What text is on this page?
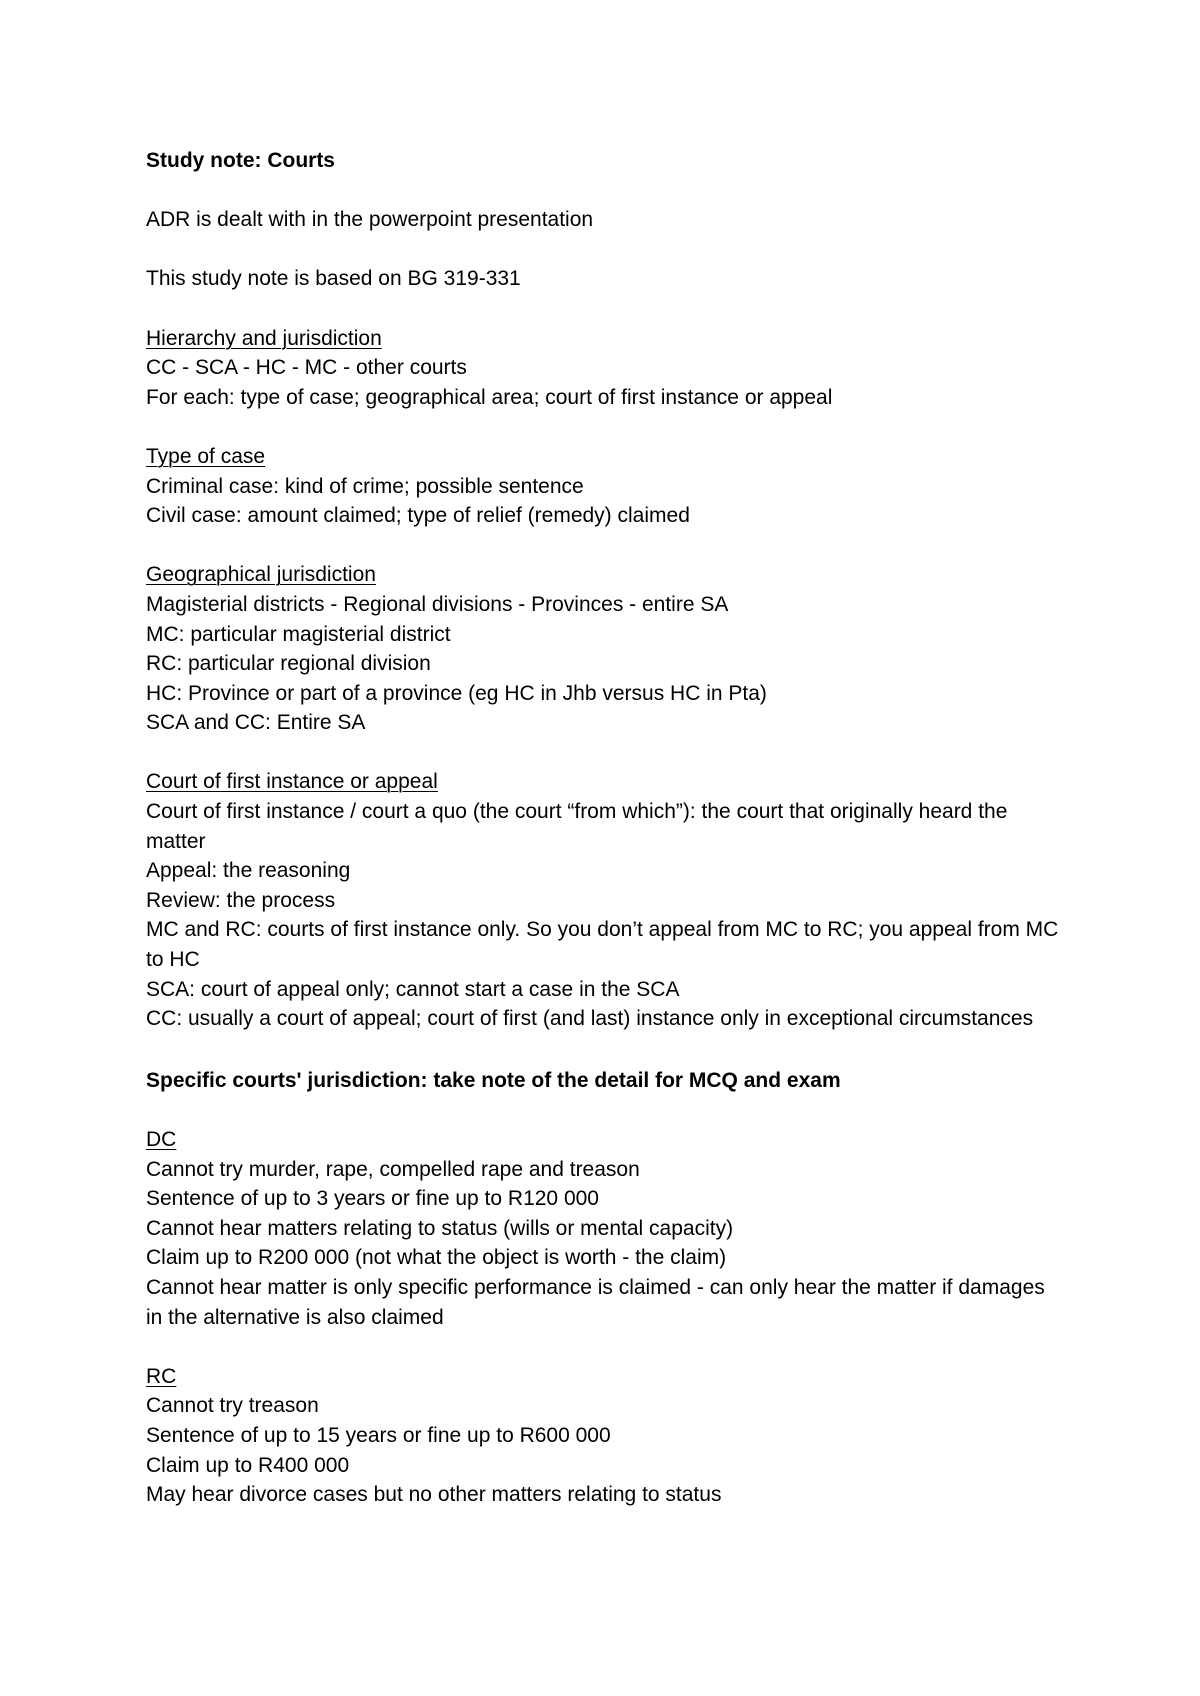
Study note: Courts

ADR is dealt with in the powerpoint presentation

This study note is based on BG 319-331

Hierarchy and jurisdiction

CC - SCA - HC - MC - other courts

For each: type of case; geographical area; court of first instance or appeal

Type of case

Criminal case: kind of crime; possible sentence

Civil case: amount claimed; type of relief (remedy) claimed

Geographical jurisdiction

Magisterial districts - Regional divisions - Provinces - entire SA

MC: particular magisterial district

RC: particular regional division

HC: Province or part of a province (eg HC in Jhb versus HC in Pta)

SCA and CC: Entire SA

Court of first instance or appeal

Court of first instance / court a quo (the court “from which”): the court that originally heard the matter

Appeal: the reasoning

Review: the process

MC and RC: courts of first instance only. So you don’t appeal from MC to RC; you appeal from MC to HC

SCA: court of appeal only; cannot start a case in the SCA

CC: usually a court of appeal; court of first (and last) instance only in exceptional circumstances

Specific courts' jurisdiction: take note of the detail for MCQ and exam

DC

Cannot try murder, rape, compelled rape and treason

Sentence of up to 3 years or fine up to R120 000

Cannot hear matters relating to status (wills or mental capacity)

Claim up to R200 000 (not what the object is worth - the claim)

Cannot hear matter is only specific performance is claimed - can only hear the matter if damages in the alternative is also claimed

RC

Cannot try treason

Sentence of up to 15 years or fine up to R600 000

Claim up to R400 000

May hear divorce cases but no other matters relating to status
